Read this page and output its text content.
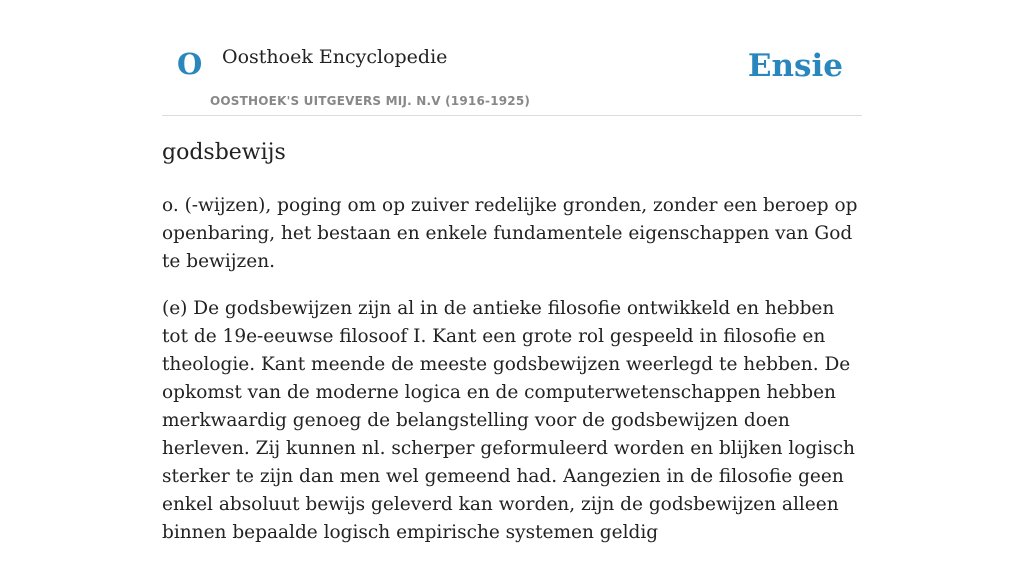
O Oosthoek Encyclopedie
OOSTHOEK'S UITGEVERS MIJ. N.V (1916-1925)
Ensie
godsbewijs

o. (-wijzen), poging om op zuiver redelijke gronden, zonder een beroep op openbaring, het bestaan en enkele fundamentele eigenschappen van God te bewijzen.

(e) De godsbewijzen zijn al in de antieke filosofie ontwikkeld en hebben tot de 19e-eeuwse filosoof I. Kant een grote rol gespeeld in filosofie en theologie. Kant meende de meeste godsbewijzen weerlegd te hebben. De opkomst van de moderne logica en de computerwetenschappen hebben merkwaardig genoeg de belangstelling voor de godsbewijzen doen herleven. Zij kunnen nl. scherper geformuleerd worden en blijken logisch sterker te zijn dan men wel gemeend had. Aangezien in de filosofie geen enkel absoluut bewijs geleverd kan worden, zijn de godsbewijzen alleen binnen bepaalde logisch empirische systemen geldig
